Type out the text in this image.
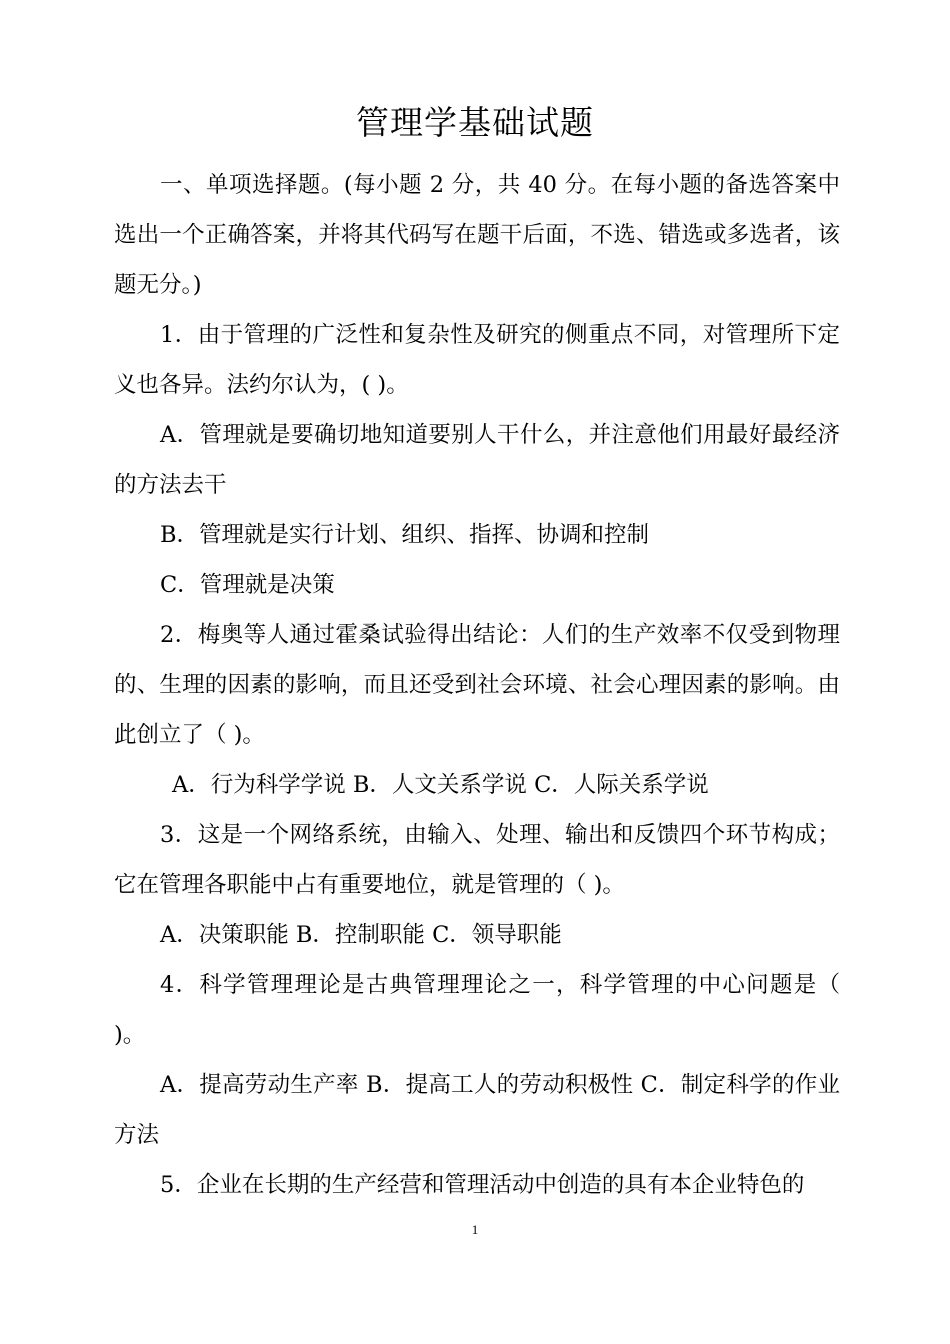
管理学基础试题

一、单项选择题。(每小题 2 分，共 40 分。在每小题的备选答案中选出一个正确答案，并将其代码写在题干后面，不选、错选或多选者，该题无分。)

1．由于管理的广泛性和复杂性及研究的侧重点不同，对管理所下定义也各异。法约尔认为，( )。

A．管理就是要确切地知道要别人干什么，并注意他们用最好最经济的方法去干

B．管理就是实行计划、组织、指挥、协调和控制

C．管理就是决策

2．梅奥等人通过霍桑试验得出结论：人们的生产效率不仅受到物理的、生理的因素的影响，而且还受到社会环境、社会心理因素的影响。由此创立了（ )。

A．行为科学学说 B．人文关系学说 C．人际关系学说

3．这是一个网络系统，由输入、处理、输出和反馈四个环节构成；它在管理各职能中占有重要地位，就是管理的（ )。

A．决策职能 B．控制职能 C．领导职能

4．科学管理理论是古典管理理论之一，科学管理的中心问题是（ )。

A．提高劳动生产率 B．提高工人的劳动积极性 C．制定科学的作业方法

5．企业在长期的生产经营和管理活动中创造的具有本企业特色的

1
